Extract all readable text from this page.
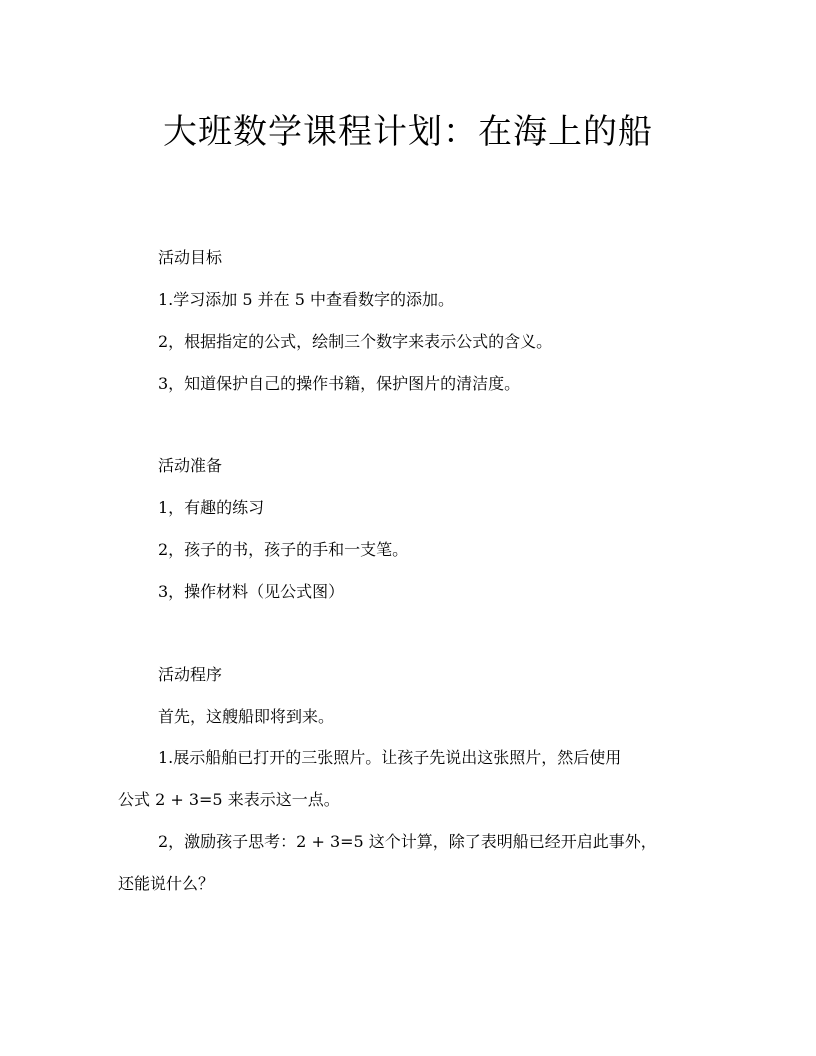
大班数学课程计划：在海上的船

活动目标

1.学习添加 5 并在 5 中查看数字的添加。

2，根据指定的公式，绘制三个数字来表示公式的含义。

3，知道保护自己的操作书籍，保护图片的清洁度。

活动准备

1，有趣的练习

2，孩子的书，孩子的手和一支笔。

3，操作材料（见公式图）

活动程序

首先，这艘船即将到来。

1.展示船舶已打开的三张照片。让孩子先说出这张照片，然后使用

公式 2 + 3=5 来表示这一点。

2，激励孩子思考：2 + 3=5 这个计算，除了表明船已经开启此事外，

还能说什么？
